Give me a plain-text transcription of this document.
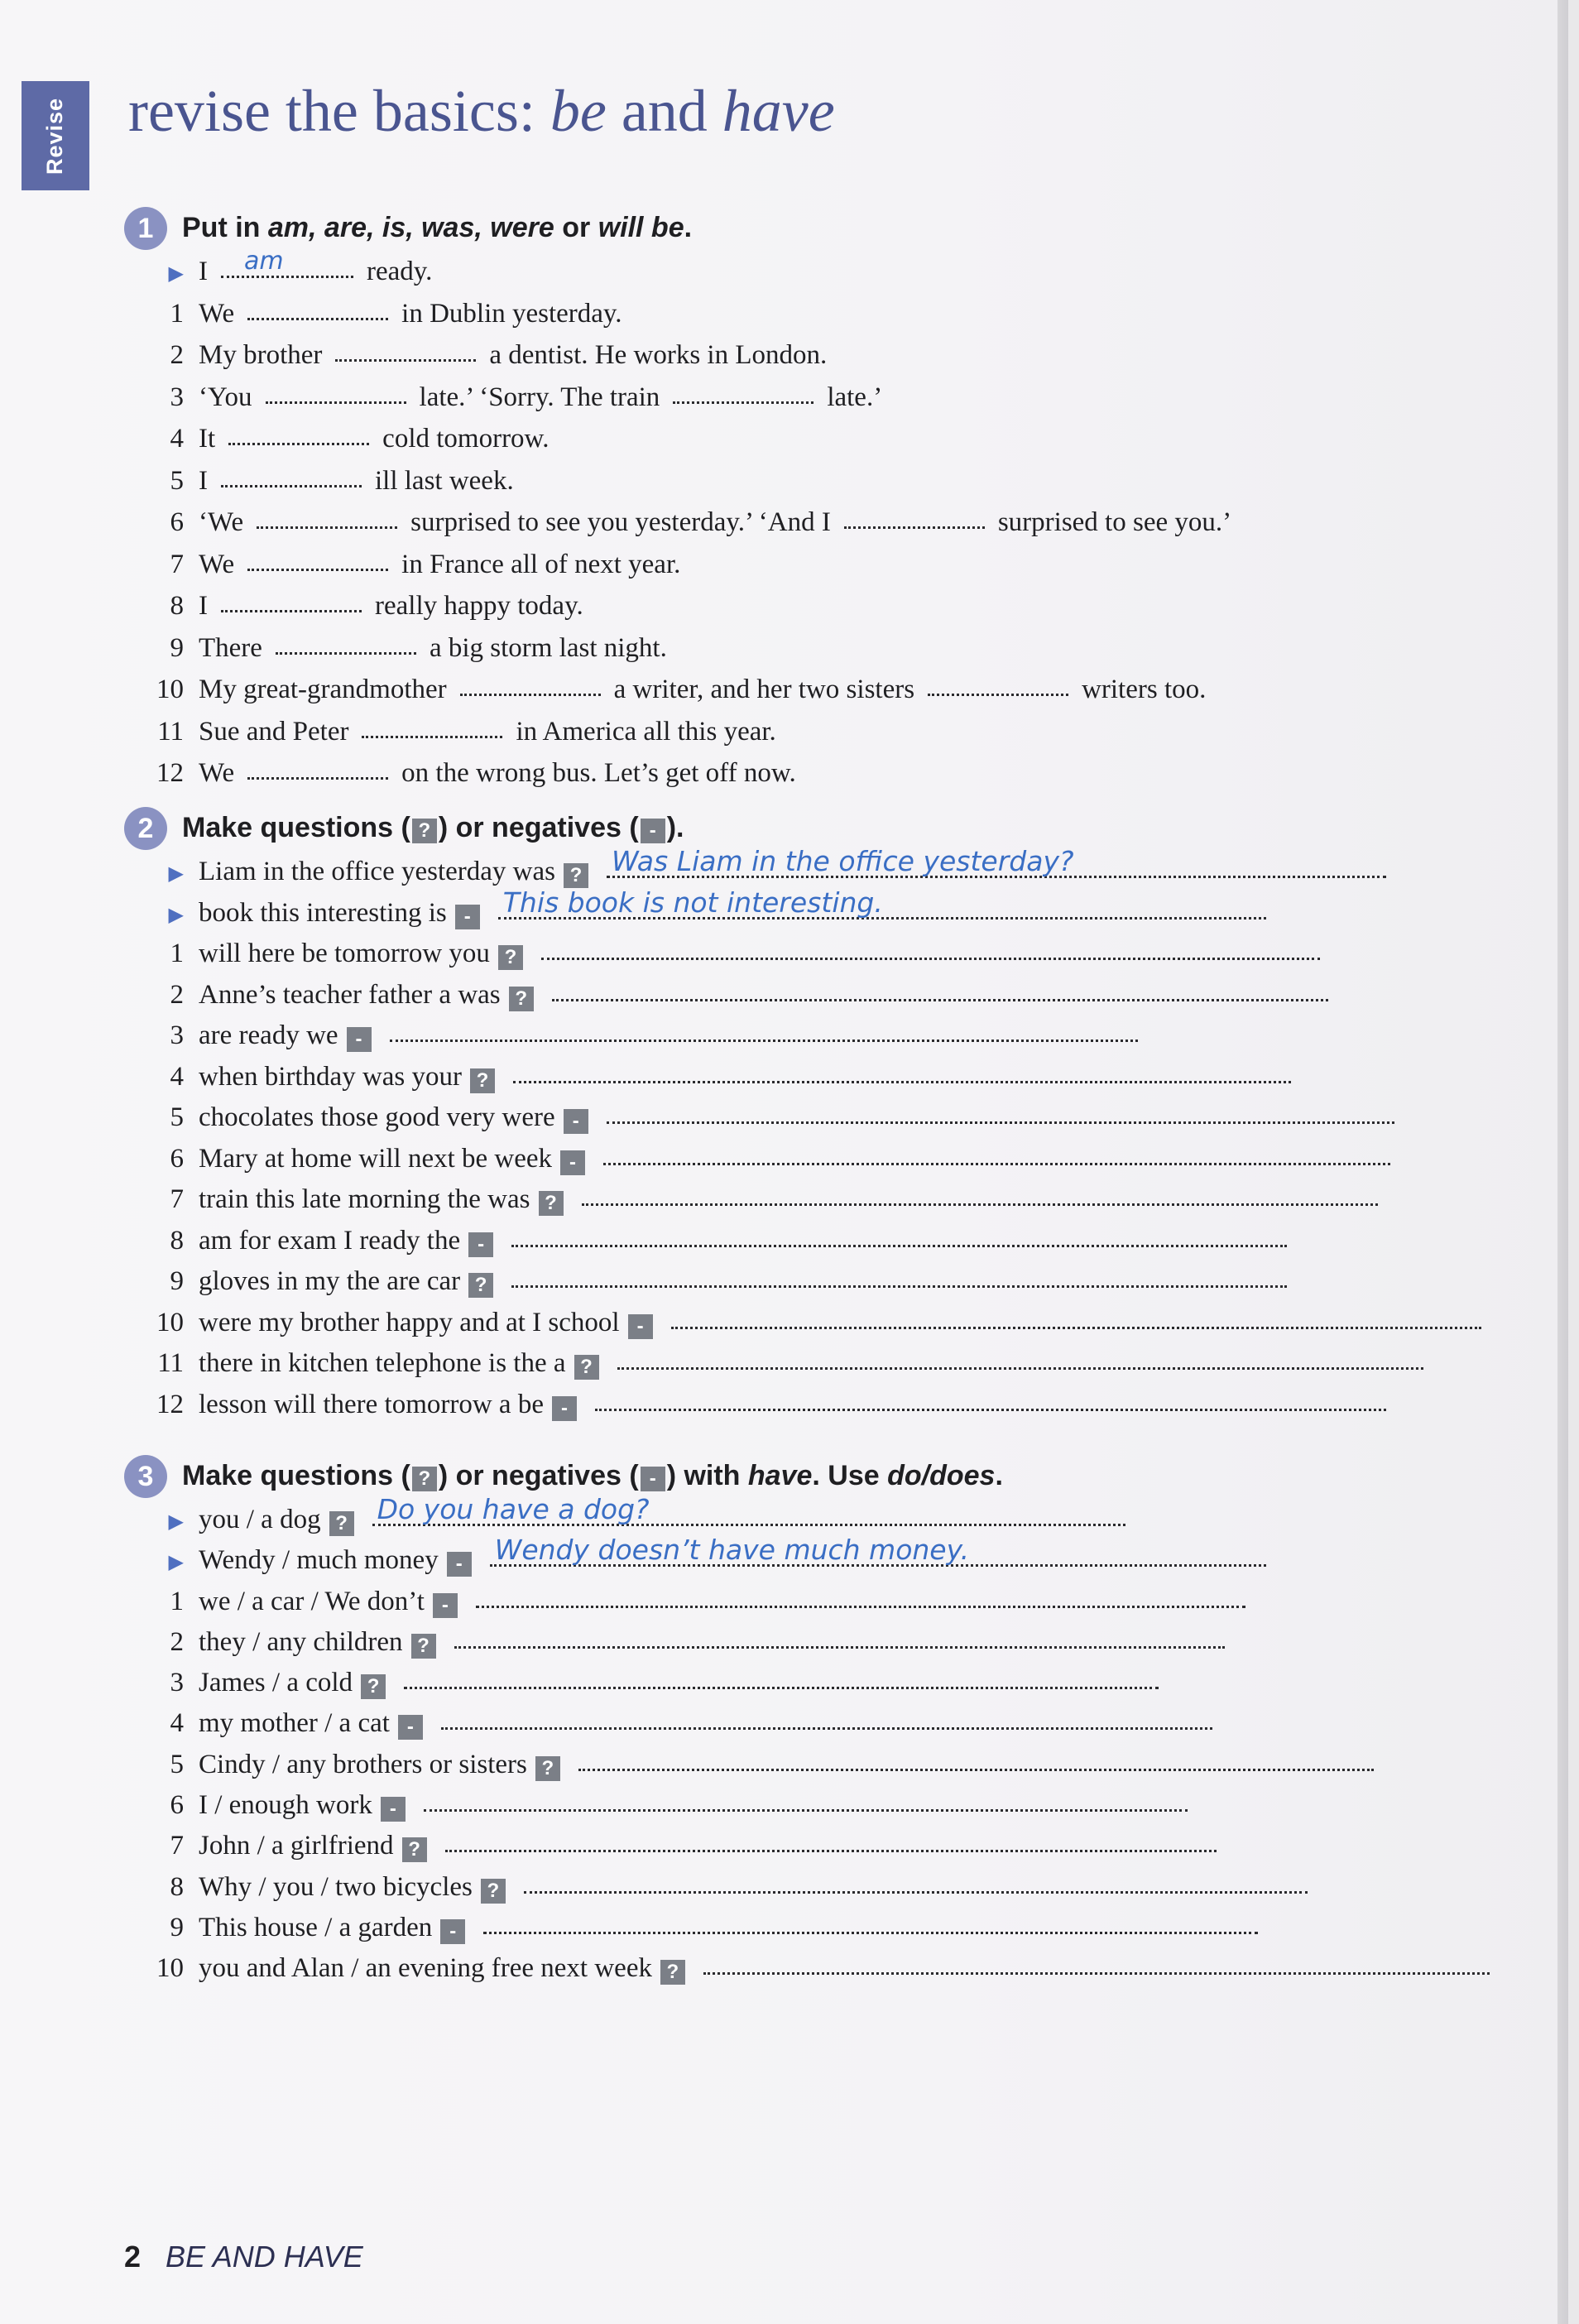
Revise revise the basics: be and have
1	Put in am, are, is, was, were or will be.

▶ I am	ready.
1 We	in Dublin yesterday.
2 My brother	a dentist. He works in London.
3 ‘You	late.’ ‘Sorry. The train	late.’
4 It	cold tomorrow.
5 I	ill last week.
6 ‘We	surprised to see you yesterday.’ ‘And I	surprised to see you.’
7 We	in France all of next year.
8 I	really happy today.
9 There	a big storm last night.
10 My great-grandmother	a writer, and her two sisters	writers too.
11 Sue and Peter	in America all this year.
12 We	on the wrong bus. Let’s get off now.
2	Make questions ( ? ) or negatives ( - ).

▶ Liam in the office yesterday was ? Was Liam in the office yesterday?
▶ book this interesting is -	This book is not interesting.
1 will here be tomorrow you ?
2 Anne’s teacher father a was ?
3 are ready we -
4 when birthday was your ?
5 chocolates those good very were -
6 Mary at home will next be week -
7 train this late morning the was ?
8 am for exam I ready the -
9 gloves in my the are car ?
10 were my brother happy and at I school -
11 there in kitchen telephone is the a ?
12 lesson will there tomorrow a be -
3	Make questions ( ? ) or negatives ( - ) with have. Use do/does.

▶ you / a dog ? Do you have a dog?
▶ Wendy / much money -	Wendy doesn’t have much money.
1 we / a car / We don’t -
2 they / any children ?
3 James / a cold ?
4 my mother / a cat -
5 Cindy / any brothers or sisters ?
6 I / enough work -
7 John / a girlfriend ?
8 Why / you / two bicycles ?
9 This house / a garden -
10 you and Alan / an evening free next week ?
2 BE AND HAVE
